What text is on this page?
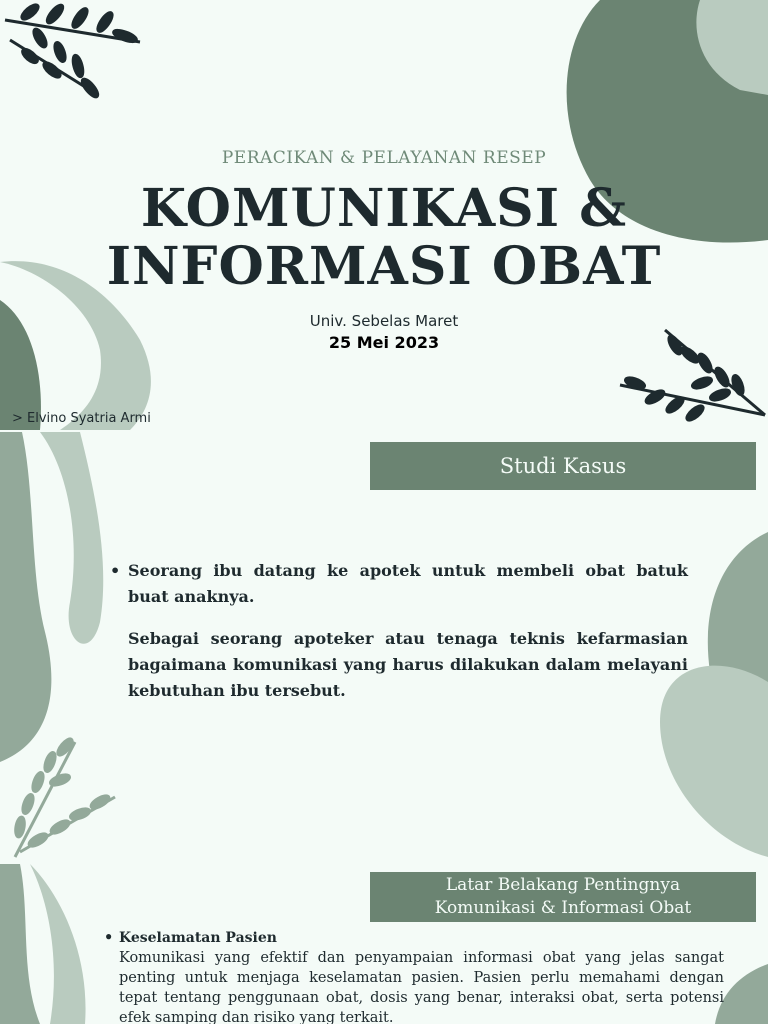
PERACIKAN & PELAYANAN RESEP
KOMUNIKASI &
INFORMASI OBAT
Univ. Sebelas Maret
25 Mei 2023
> Elvino Syatria Armi
Studi Kasus
• Seorang ibu datang ke apotek untuk membeli obat batuk buat anaknya.

Sebagai seorang apoteker atau tenaga teknis kefarmasian bagaimana komunikasi yang harus dilakukan dalam melayani kebutuhan ibu tersebut.

Latar Belakang Pentingnya
Komunikasi & Informasi Obat
• Keselamatan Pasien

Komunikasi yang efektif dan penyampaian informasi obat yang jelas sangat penting untuk menjaga keselamatan pasien. Pasien perlu memahami dengan tepat tentang penggunaan obat, dosis yang benar, interaksi obat, serta potensi efek samping dan risiko yang terkait.
